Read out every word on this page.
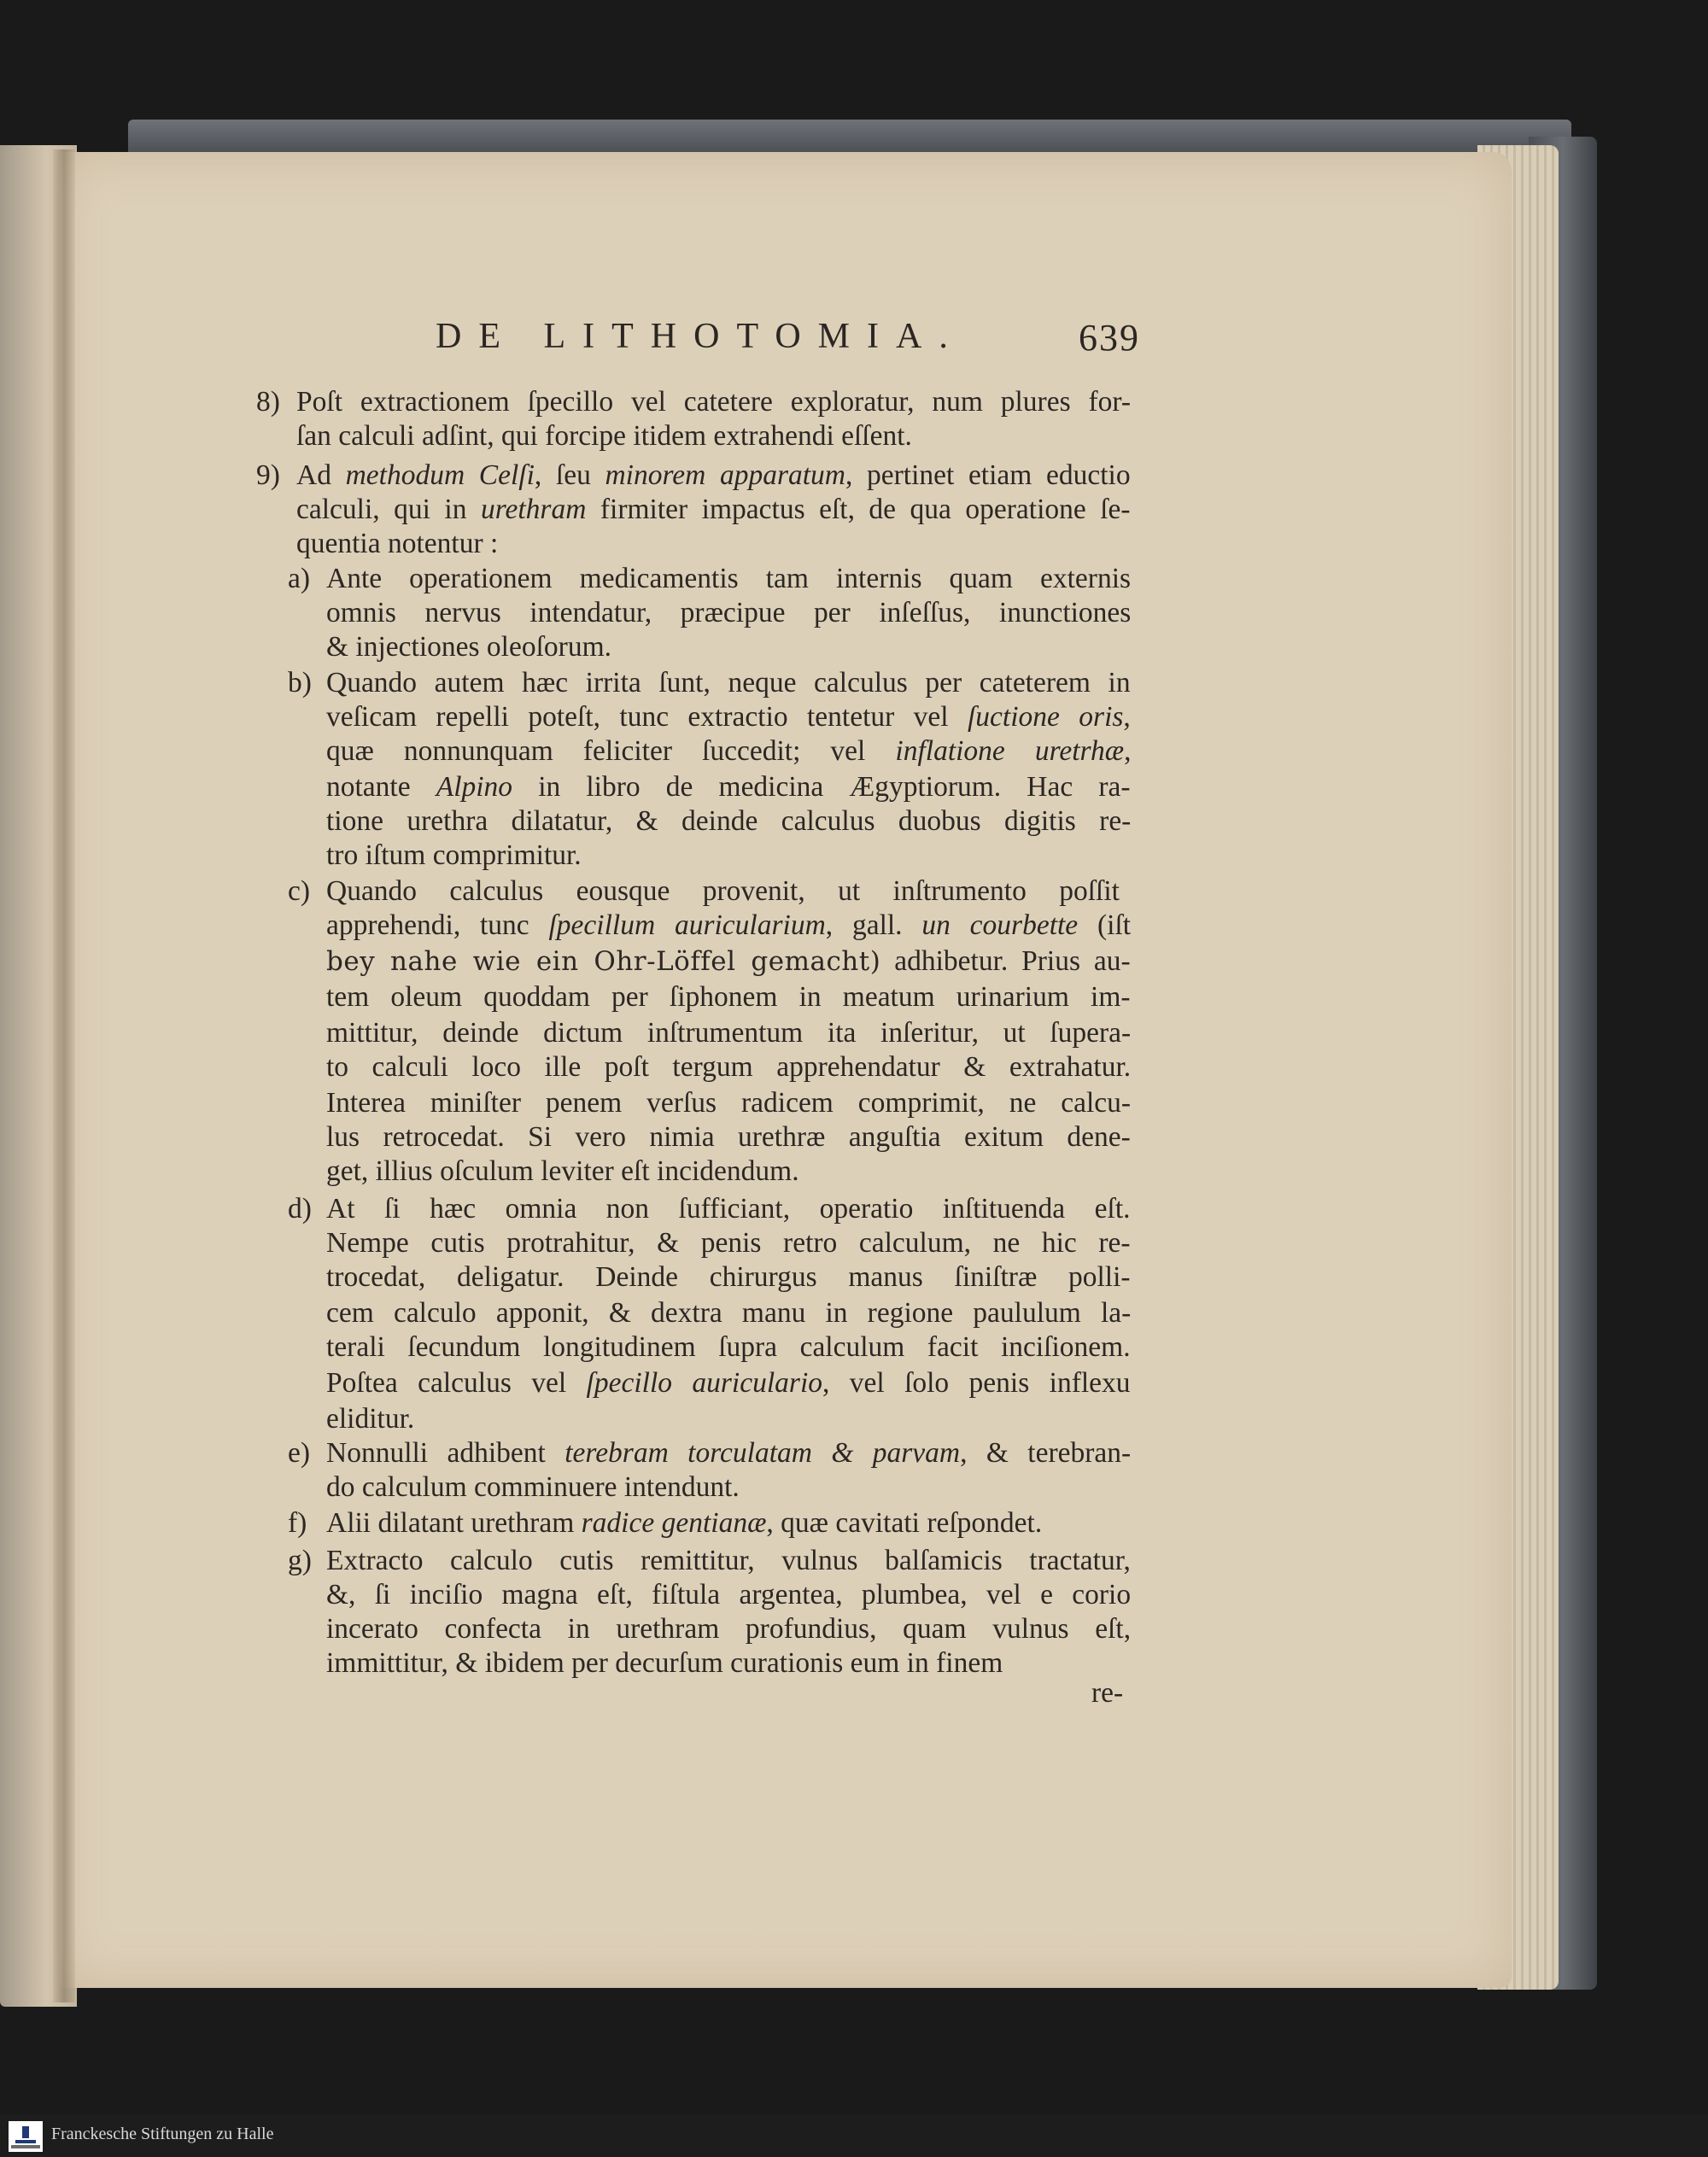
DE LITHOTOMIA.	639
8) Poſt extractionem ſpecillo vel catetere exploratur, num plures for-
ſan calculi adſint, qui forcipe itidem extrahendi eſſent.
9) Ad methodum Celſi, ſeu minorem apparatum, pertinet etiam eductio
calculi, qui in urethram firmiter impactus eſt, de qua operatione ſe-
quentia notentur :
a) Ante operationem medicamentis tam internis quam externis
omnis nervus intendatur, præcipue per inſeſſus, inunctiones
& injectiones oleoſorum.
b) Quando autem hæc irrita ſunt, neque calculus per cateterem in
veſicam repelli poteſt, tunc extractio tentetur vel ſuctione oris,
quæ nonnunquam feliciter ſuccedit; vel inflatione uretrhæ,
notante Alpino in libro de medicina Ægyptiorum. Hac ra-
tione urethra dilatatur, & deinde calculus duobus digitis re-
tro iſtum comprimitur.
c) Quando calculus eousque provenit, ut inſtrumento poſſit
apprehendi, tunc ſpecillum auricularium, gall. un courbette (iſt
bey nahe wie ein Ohr-Löffel gemacht) adhibetur. Prius au-
tem oleum quoddam per ſiphonem in meatum urinarium im-
mittitur, deinde dictum inſtrumentum ita inſeritur, ut ſupera-
to calculi loco ille poſt tergum apprehendatur & extrahatur.
Interea miniſter penem verſus radicem comprimit, ne calcu-
lus retrocedat. Si vero nimia urethræ anguſtia exitum dene-
get, illius oſculum leviter eſt incidendum.
d) At ſi hæc omnia non ſufficiant, operatio inſtituenda eſt.
Nempe cutis protrahitur, & penis retro calculum, ne hic re-
trocedat, deligatur. Deinde chirurgus manus ſiniſtræ polli-
cem calculo apponit, & dextra manu in regione paululum la-
terali ſecundum longitudinem ſupra calculum facit inciſionem.
Poſtea calculus vel ſpecillo auriculario, vel ſolo penis inflexu
eliditur.
e) Nonnulli adhibent terebram torculatam & parvam, & terebran-
do calculum comminuere intendunt.
f) Alii dilatant urethram radice gentianæ, quæ cavitati reſpondet.
g) Extracto calculo cutis remittitur, vulnus balſamicis tractatur,
&, ſi inciſio magna eſt, fiſtula argentea, plumbea, vel e corio
incerato confecta in urethram profundius, quam vulnus eſt,
immittitur, & ibidem per decurſum curationis eum in finem
re-
Franckesche Stiftungen zu Halle
